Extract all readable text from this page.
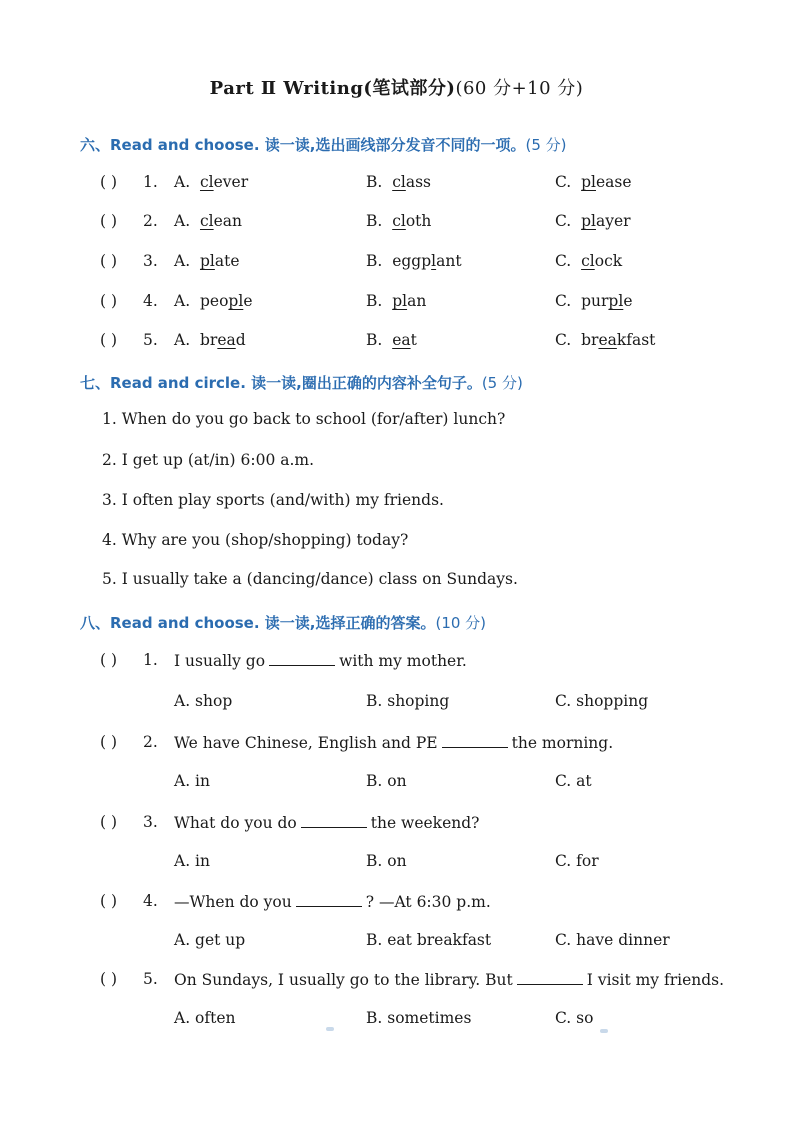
Part Ⅱ Writing(笔试部分)(60 分+10 分)
六、Read and choose. 读一读,选出画线部分发音不同的一项。(5 分)
( ) 1. A. clever	B. class	C. please
( ) 2. A. clean	B. cloth	C. player
( ) 3. A. plate	B. eggplant	C. clock
( ) 4. A. people	B. plan	C. purple
( ) 5. A. bread	B. eat	C. breakfast
七、Read and circle. 读一读,圈出正确的内容补全句子。(5 分)
1. When do you go back to school (for/after) lunch?
2. I get up (at/in) 6:00 a.m.
3. I often play sports (and/with) my friends.
4. Why are you (shop/shopping) today?
5. I usually take a (dancing/dance) class on Sundays.
八、Read and choose. 读一读,选择正确的答案。(10 分)
( ) 1. I usually go	with my mother.
A. shop	B. shoping	C. shopping
( ) 2. We have Chinese, English and PE	the morning.
A. in	B. on	C. at
( ) 3. What do you do	the weekend?
A. in	B. on	C. for
( ) 4. —When do you	? —At 6:30 p.m.
A. get up	B. eat breakfast	C. have dinner
( ) 5. On Sundays, I usually go to the library. But	I visit my friends.
A. often	B. sometimes	C. so
